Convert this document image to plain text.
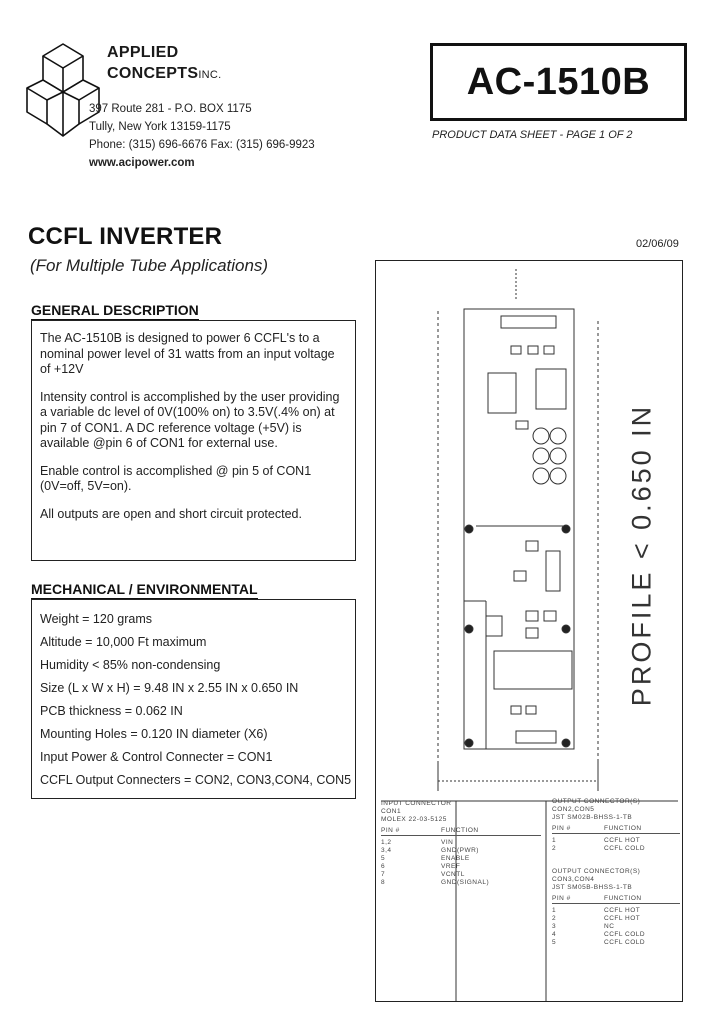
APPLIED
CONCEPTSINC.
397 Route 281 - P.O. BOX 1175
Tully, New York 13159-1175
Phone: (315) 696-6676 Fax: (315) 696-9923
www.acipower.com
AC-1510B
PRODUCT DATA SHEET - PAGE 1 OF 2
CCFL INVERTER
(For Multiple Tube Applications)
02/06/09
GENERAL DESCRIPTION

The AC-1510B is designed to power 6 CCFL's to a nominal power level of 31 watts from an input voltage of +12V

Intensity control is accomplished by the user providing a variable dc level of 0V(100% on) to 3.5V(.4% on) at pin 7 of CON1. A DC reference voltage (+5V) is available @pin 6 of CON1 for external use.

Enable control is accomplished @ pin 5 of CON1 (0V=off, 5V=on).

All outputs are open and short circuit protected.

MECHANICAL / ENVIRONMENTAL
Weight = 120 grams
Altitude = 10,000 Ft maximum
Humidity < 85% non-condensing
Size (L x W x H) = 9.48 IN x 2.55 IN x 0.650 IN
PCB thickness = 0.062 IN
Mounting Holes = 0.120 IN diameter (X6)
Input Power & Control Connecter = CON1
CCFL Output Connecters = CON2, CON3,CON4, CON5
PROFILE < 0.650 IN
INPUT CONNECTOR
CON1
MOLEX 22-03-5125
PIN #	FUNCTION
1,2	VIN
3,4	GND(PWR)
5	ENABLE
6	VREF
7	VCNTL
8	GND(SIGNAL)
OUTPUT CONNECTOR(S)
CON2,CON5
JST SM02B-BHSS-1-TB
PIN #	FUNCTION
1	CCFL HOT
2	CCFL COLD
OUTPUT CONNECTOR(S)
CON3,CON4
JST SM05B-BHSS-1-TB
PIN #	FUNCTION
1	CCFL HOT
2	CCFL HOT
3	NC
4	CCFL COLD
5	CCFL COLD
